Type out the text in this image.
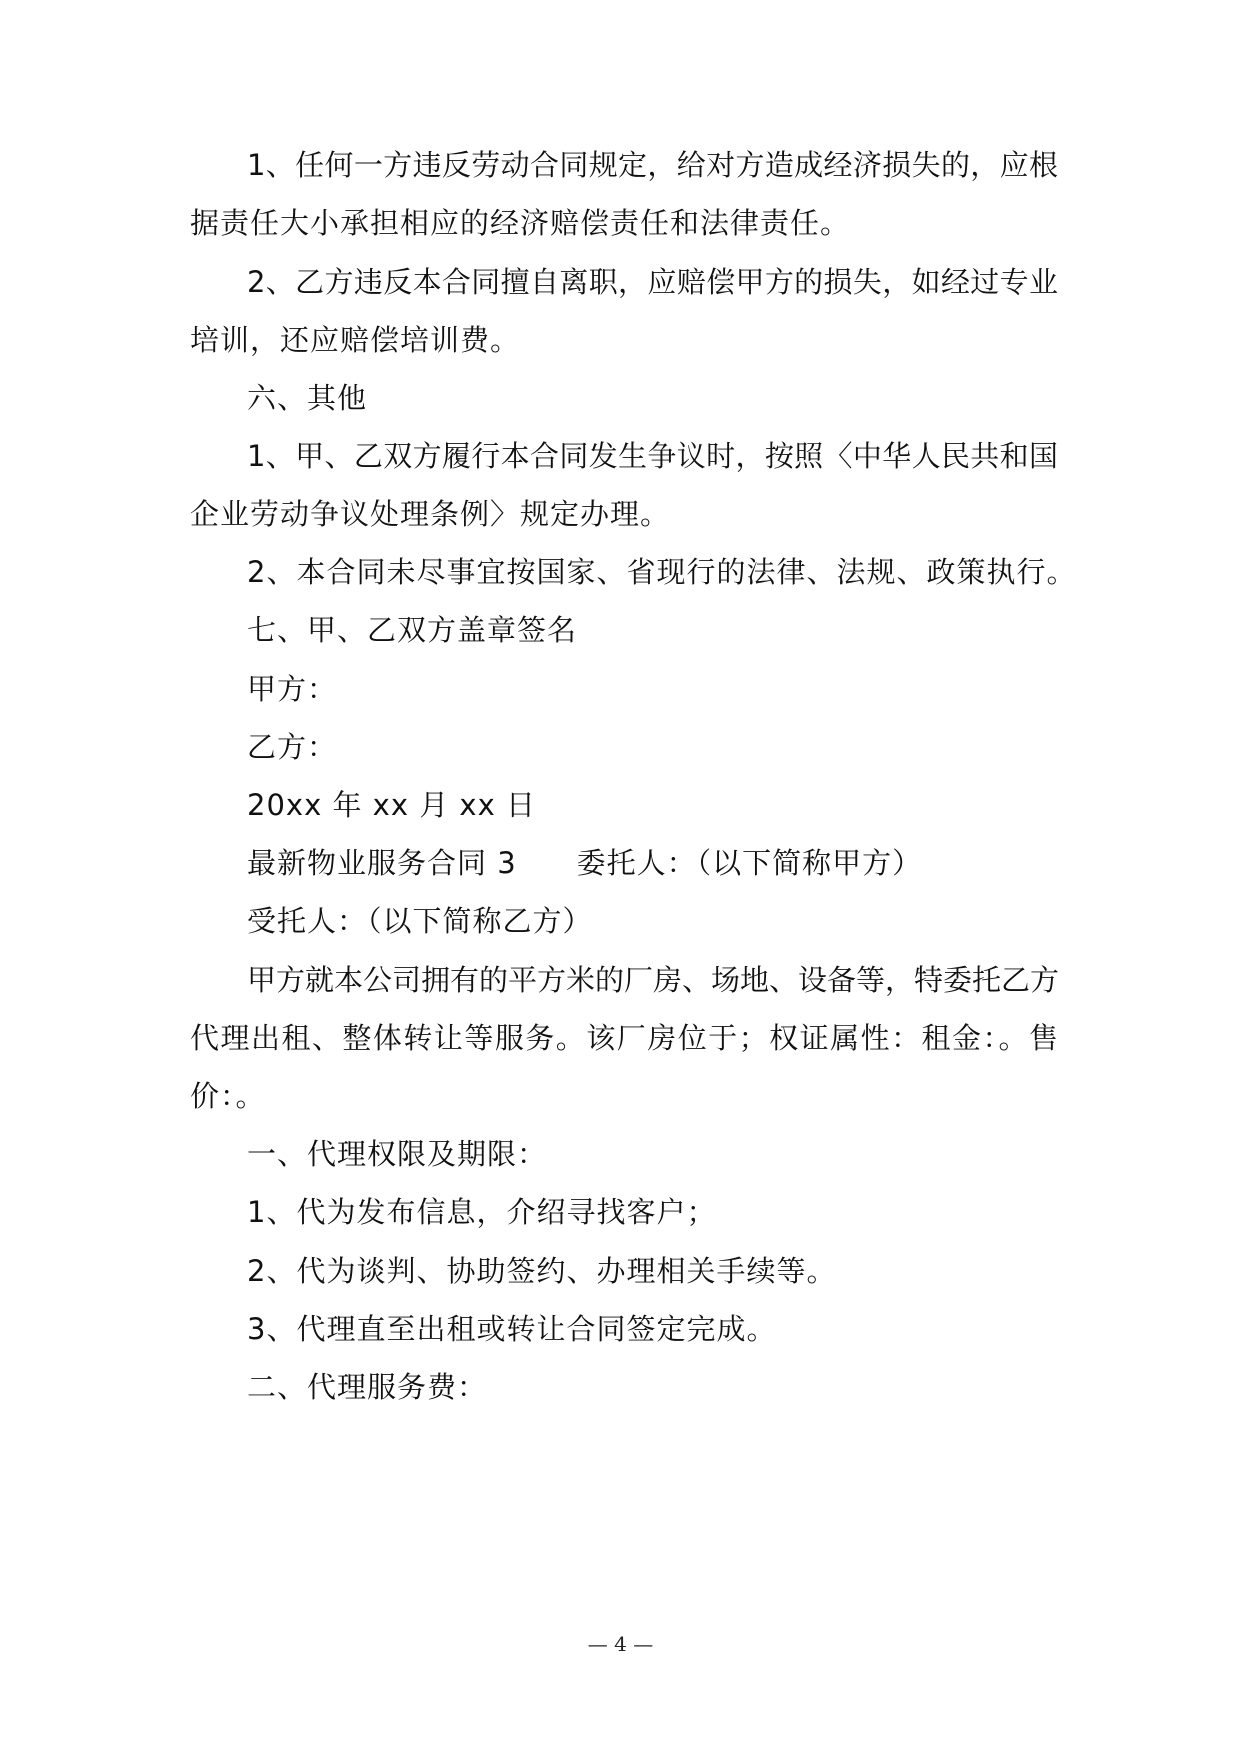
1、任何一方违反劳动合同规定，给对方造成经济损失的，应根
据责任大小承担相应的经济赔偿责任和法律责任。
2、乙方违反本合同擅自离职，应赔偿甲方的损失，如经过专业
培训，还应赔偿培训费。
六、其他
1、甲、乙双方履行本合同发生争议时，按照〈中华人民共和国
企业劳动争议处理条例〉规定办理。
2、本合同未尽事宜按国家、省现行的法律、法规、政策执行。
七、甲、乙双方盖章签名
甲方：
乙方：
20xx 年 xx 月 xx 日
最新物业服务合同 3 委托人：（以下简称甲方）
受托人：（以下简称乙方）
甲方就本公司拥有的平方米的厂房、场地、设备等，特委托乙方
代理出租、整体转让等服务。该厂房位于；权证属性：租金：。售
价：。
一、代理权限及期限：
1、代为发布信息，介绍寻找客户；
2、代为谈判、协助签约、办理相关手续等。
3、代理直至出租或转让合同签定完成。
二、代理服务费：
— 4 —
